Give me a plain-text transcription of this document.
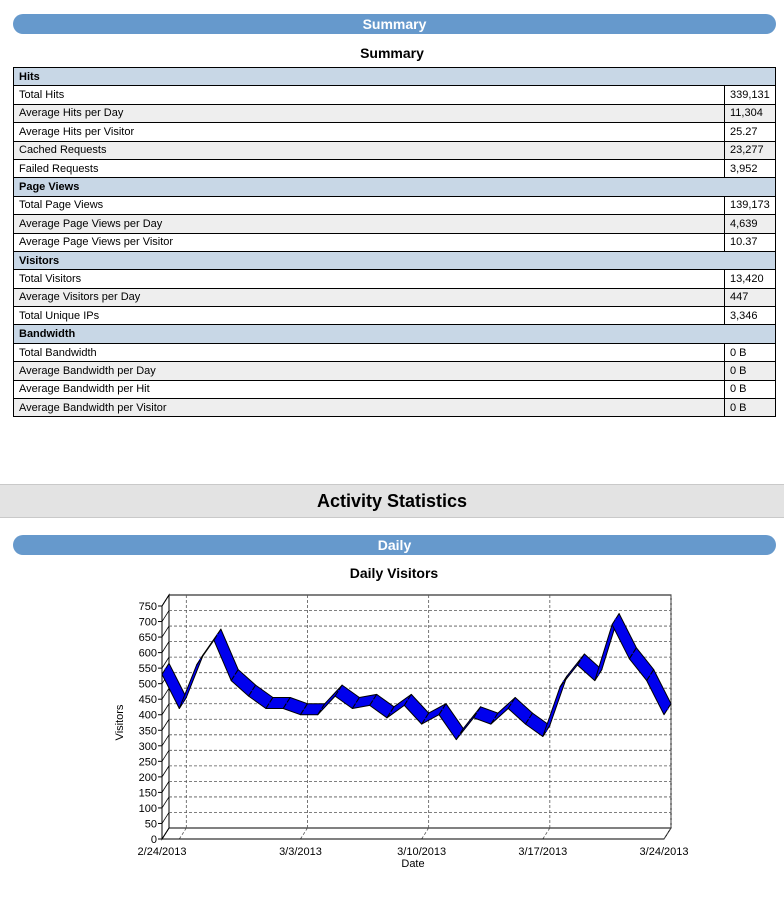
Summary
Summary
Hits	
Total Hits	339,131
Average Hits per Day	11,304
Average Hits per Visitor	25.27
Cached Requests	23,277
Failed Requests	3,952
Page Views	
Total Page Views	139,173
Average Page Views per Day	4,639
Average Page Views per Visitor	10.37
Visitors	
Total Visitors	13,420
Average Visitors per Day	447
Total Unique IPs	3,346
Bandwidth	
Total Bandwidth	0 B
Average Bandwidth per Day	0 B
Average Bandwidth per Hit	0 B
Average Bandwidth per Visitor	0 B
Activity Statistics
Daily
Daily Visitors
0
50
100
150
200
250
300
350
400
450
500
550
600
650
700
750
2/24/2013	3/3/2013	3/10/2013	3/17/2013	3/24/2013
Date
Visitors
